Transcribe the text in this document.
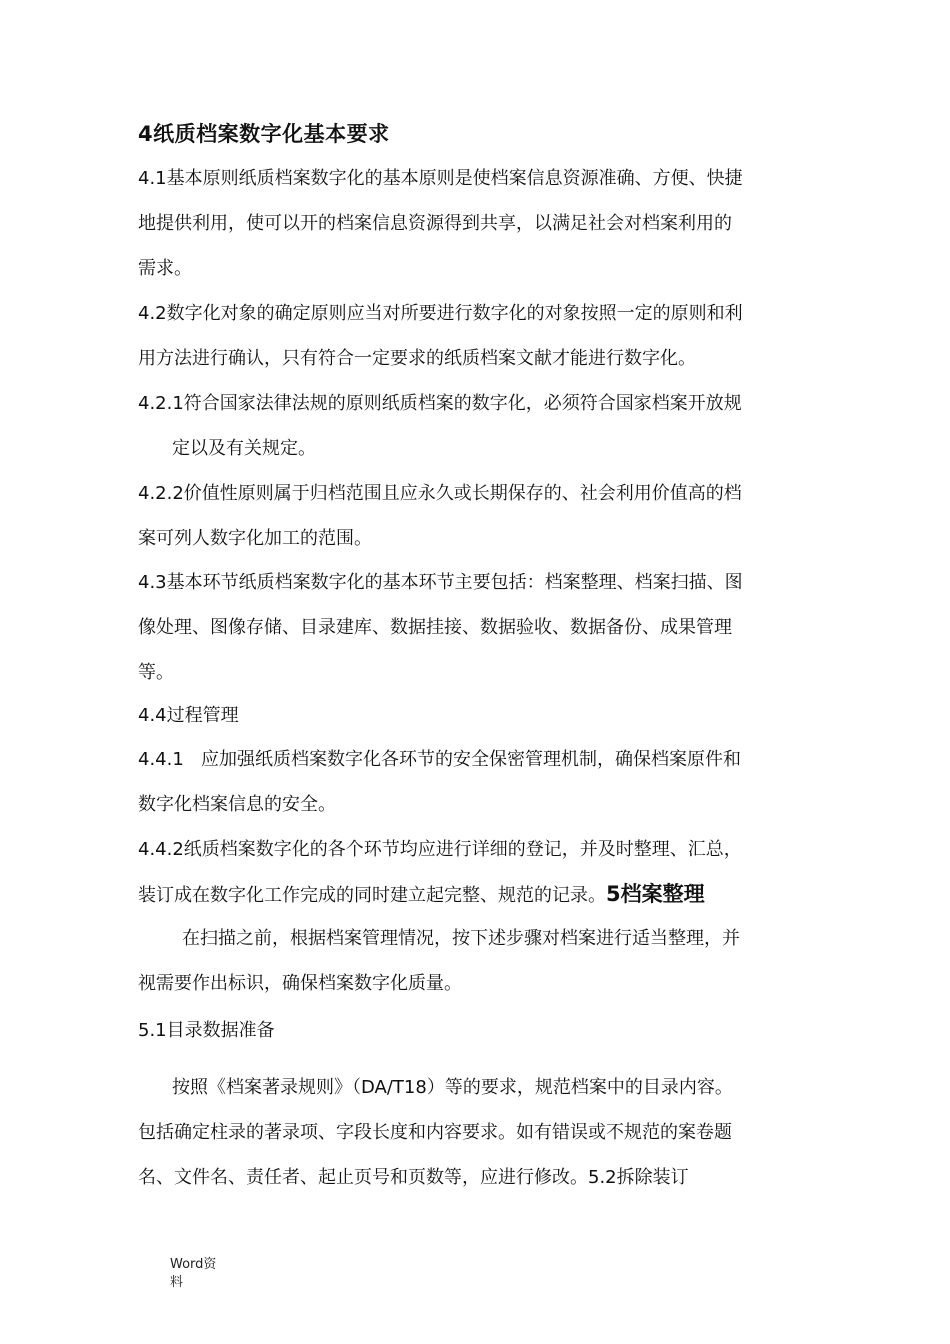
4纸质档案数字化基本要求
4.1基本原则纸质档案数字化的基本原则是使档案信息资源准确、方便、快捷
地提供利用，使可以开的档案信息资源得到共享，以满足社会对档案利用的
需求。
4.2数字化对象的确定原则应当对所要进行数字化的对象按照一定的原则和利
用方法进行确认，只有符合一定要求的纸质档案文献才能进行数字化。
4.2.1符合国家法律法规的原则纸质档案的数字化，必须符合国家档案开放规
定以及有关规定。
4.2.2价值性原则属于归档范围且应永久或长期保存的、社会利用价值高的档
案可列人数字化加工的范围。
4.3基本环节纸质档案数字化的基本环节主要包括：档案整理、档案扫描、图
像处理、图像存储、目录建库、数据挂接、数据验收、数据备份、成果管理
等。
4.4过程管理
4.4.1   应加强纸质档案数字化各环节的安全保密管理机制，确保档案原件和
数字化档案信息的安全。
4.4.2纸质档案数字化的各个环节均应进行详细的登记，并及时整理、汇总，
装订成在数字化工作完成的同时建立起完整、规范的记录。5档案整理
在扫描之前，根据档案管理情况，按下述步骤对档案进行适当整理，并
视需要作出标识，确保档案数字化质量。
5.1目录数据准备
按照《档案著录规则》（DA/T18）等的要求，规范档案中的目录内容。
包括确定柱录的著录项、字段长度和内容要求。如有错误或不规范的案卷题
名、文件名、责任者、起止页号和页数等，应进行修改。5.2拆除装订
Word资
料
